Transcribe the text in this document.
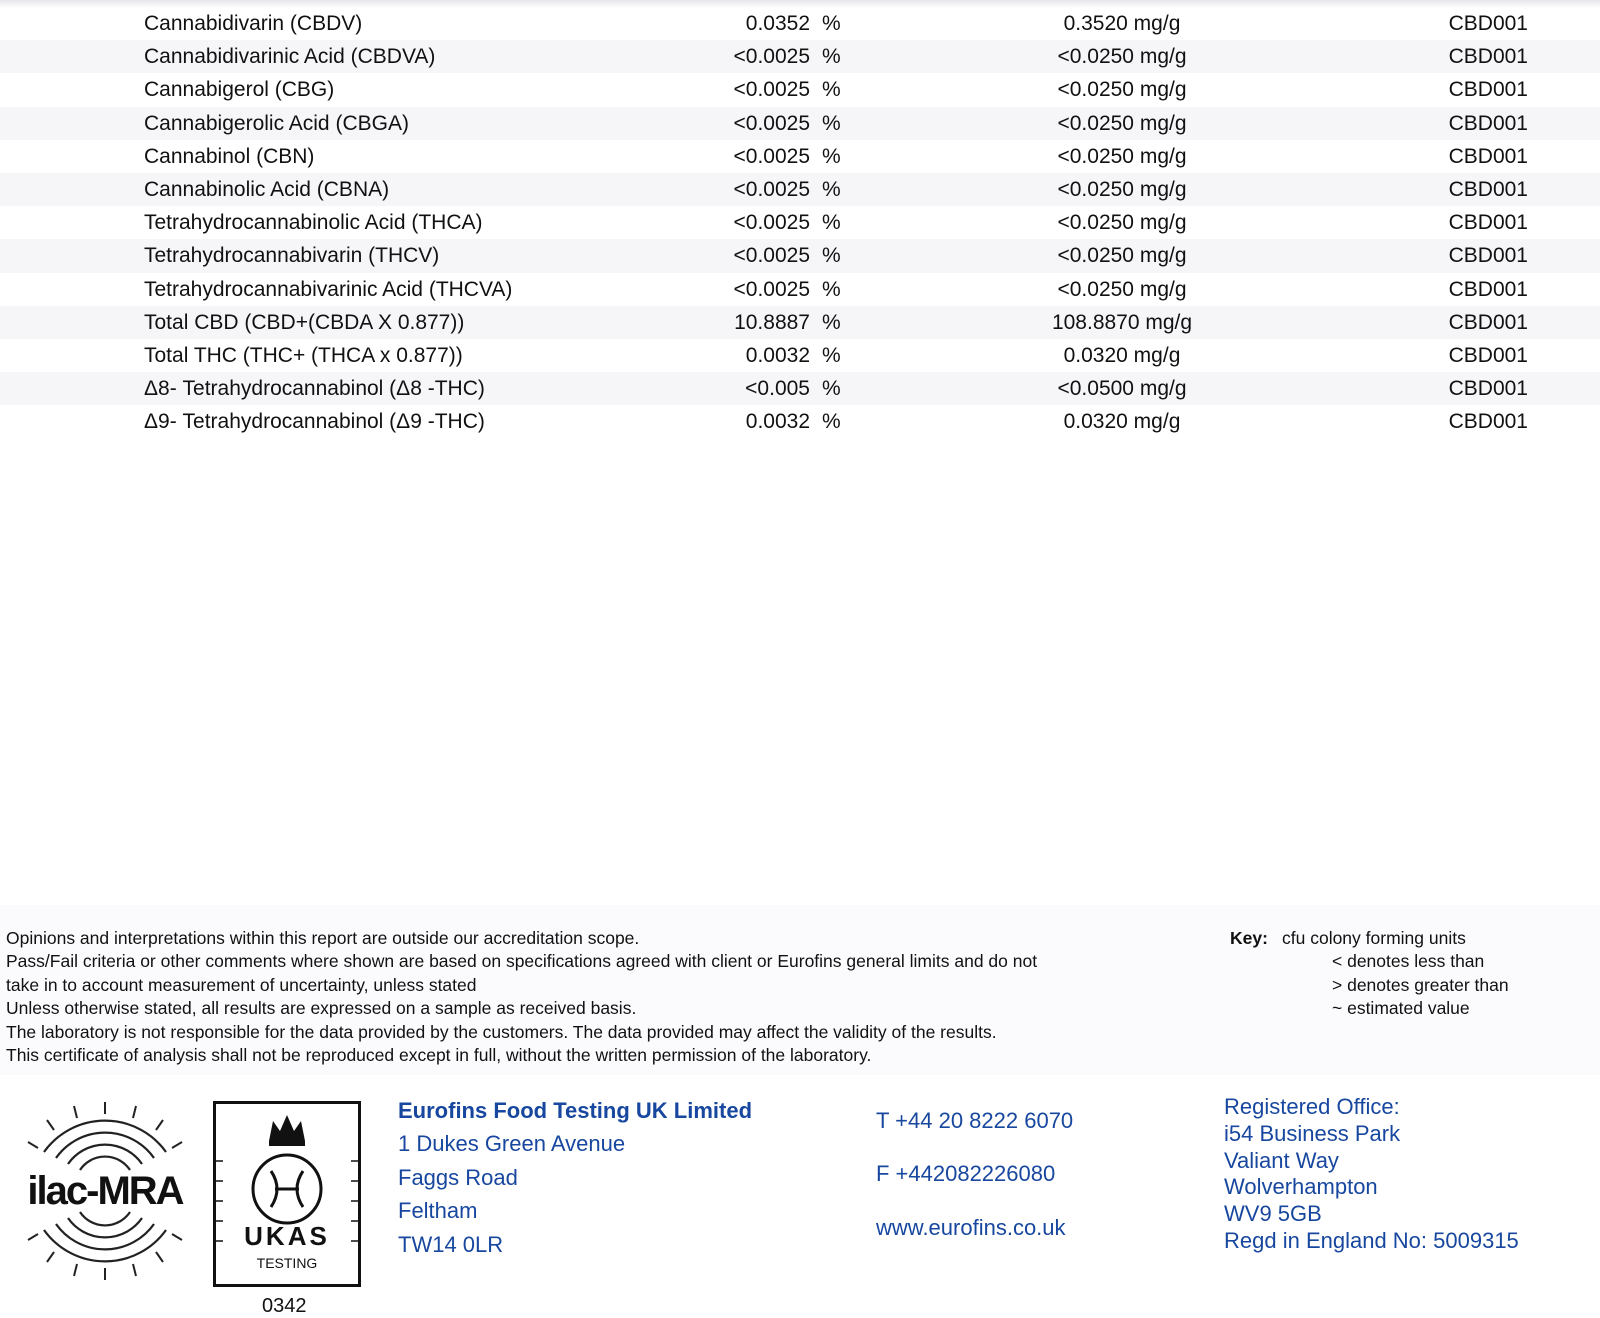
Cannabidivarin (CBDV)	0.0352 %	0.3520 mg/g	CBD001
Cannabidivarinic Acid (CBDVA)	<0.0025 %	<0.0250 mg/g	CBD001
Cannabigerol (CBG)	<0.0025 %	<0.0250 mg/g	CBD001
Cannabigerolic Acid (CBGA)	<0.0025 %	<0.0250 mg/g	CBD001
Cannabinol (CBN)	<0.0025 %	<0.0250 mg/g	CBD001
Cannabinolic Acid (CBNA)	<0.0025 %	<0.0250 mg/g	CBD001
Tetrahydrocannabinolic Acid (THCA)	<0.0025 %	<0.0250 mg/g	CBD001
Tetrahydrocannabivarin (THCV)	<0.0025 %	<0.0250 mg/g	CBD001
Tetrahydrocannabivarinic Acid (THCVA)	<0.0025 %	<0.0250 mg/g	CBD001
Total CBD (CBD+(CBDA X 0.877))	10.8887 %	108.8870 mg/g	CBD001
Total THC (THC+ (THCA x 0.877))	0.0032 %	0.0320 mg/g	CBD001
Δ8- Tetrahydrocannabinol (Δ8 -THC)	<0.005 %	<0.0500 mg/g	CBD001
Δ9- Tetrahydrocannabinol (Δ9 -THC)	0.0032 %	0.0320 mg/g	CBD001
Opinions and interpretations within this report are outside our accreditation scope.
Pass/Fail criteria or other comments where shown are based on specifications agreed with client or Eurofins general limits and do not
take in to account measurement of uncertainty, unless stated
Unless otherwise stated, all results are expressed on a sample as received basis.
The laboratory is not responsible for the data provided by the customers. The data provided may affect the validity of the results.
This certificate of analysis shall not be reproduced except in full, without the written permission of the laboratory.
Key: cfu colony forming units
< denotes less than
> denotes greater than
~ estimated value
ilac-MRA
UKAS
TESTING
0342
Eurofins Food Testing UK Limited
1 Dukes Green Avenue
Faggs Road
Feltham
TW14 0LR
T +44 20 8222 6070
F +442082226080
www.eurofins.co.uk
Registered Office:
i54 Business Park
Valiant Way
Wolverhampton
WV9 5GB
Regd in England No: 5009315
